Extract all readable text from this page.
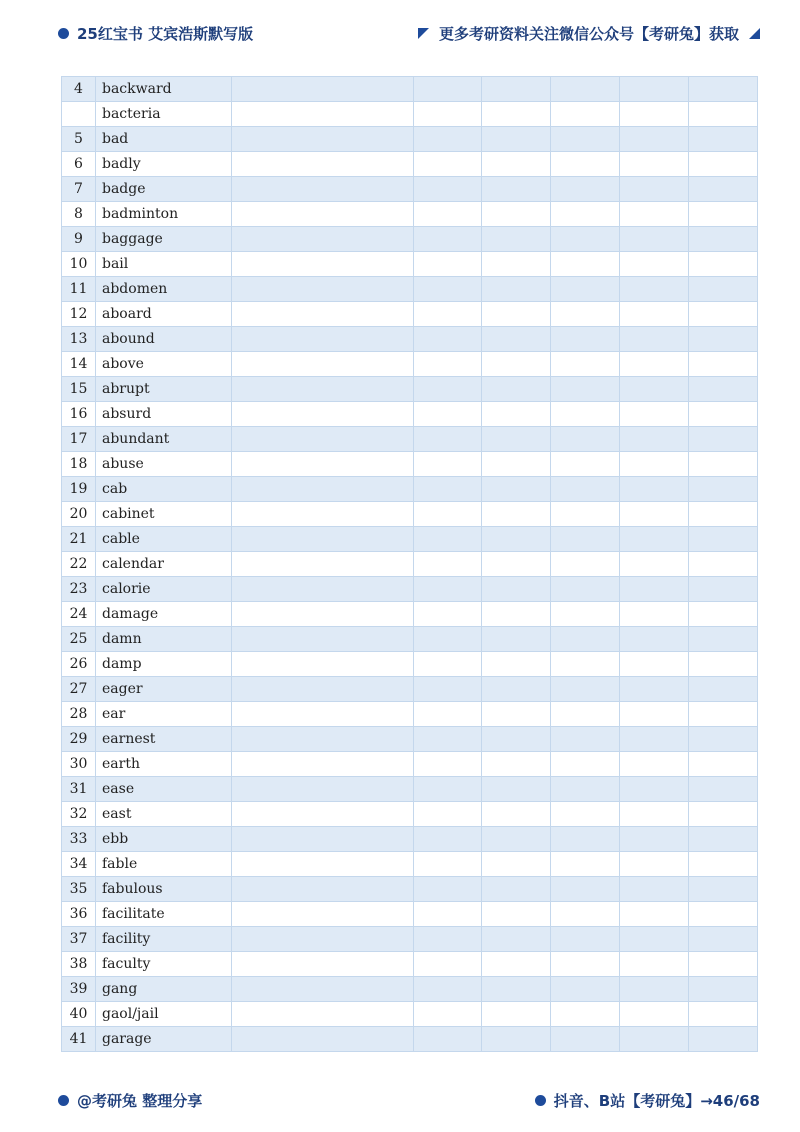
25红宝书 艾宾浩斯默写版	更多考研资料关注微信公众号【考研兔】获取
4	backward						
	bacteria						
5	bad						
6	badly						
7	badge						
8	badminton						
9	baggage						
10	bail						
11	abdomen						
12	aboard						
13	abound						
14	above						
15	abrupt						
16	absurd						
17	abundant						
18	abuse						
19	cab						
20	cabinet						
21	cable						
22	calendar						
23	calorie						
24	damage						
25	damn						
26	damp						
27	eager						
28	ear						
29	earnest						
30	earth						
31	ease						
32	east						
33	ebb						
34	fable						
35	fabulous						
36	facilitate						
37	facility						
38	faculty						
39	gang						
40	gaol/jail						
41	garage						
@考研兔 整理分享	抖音、B站【考研兔】→46/68
